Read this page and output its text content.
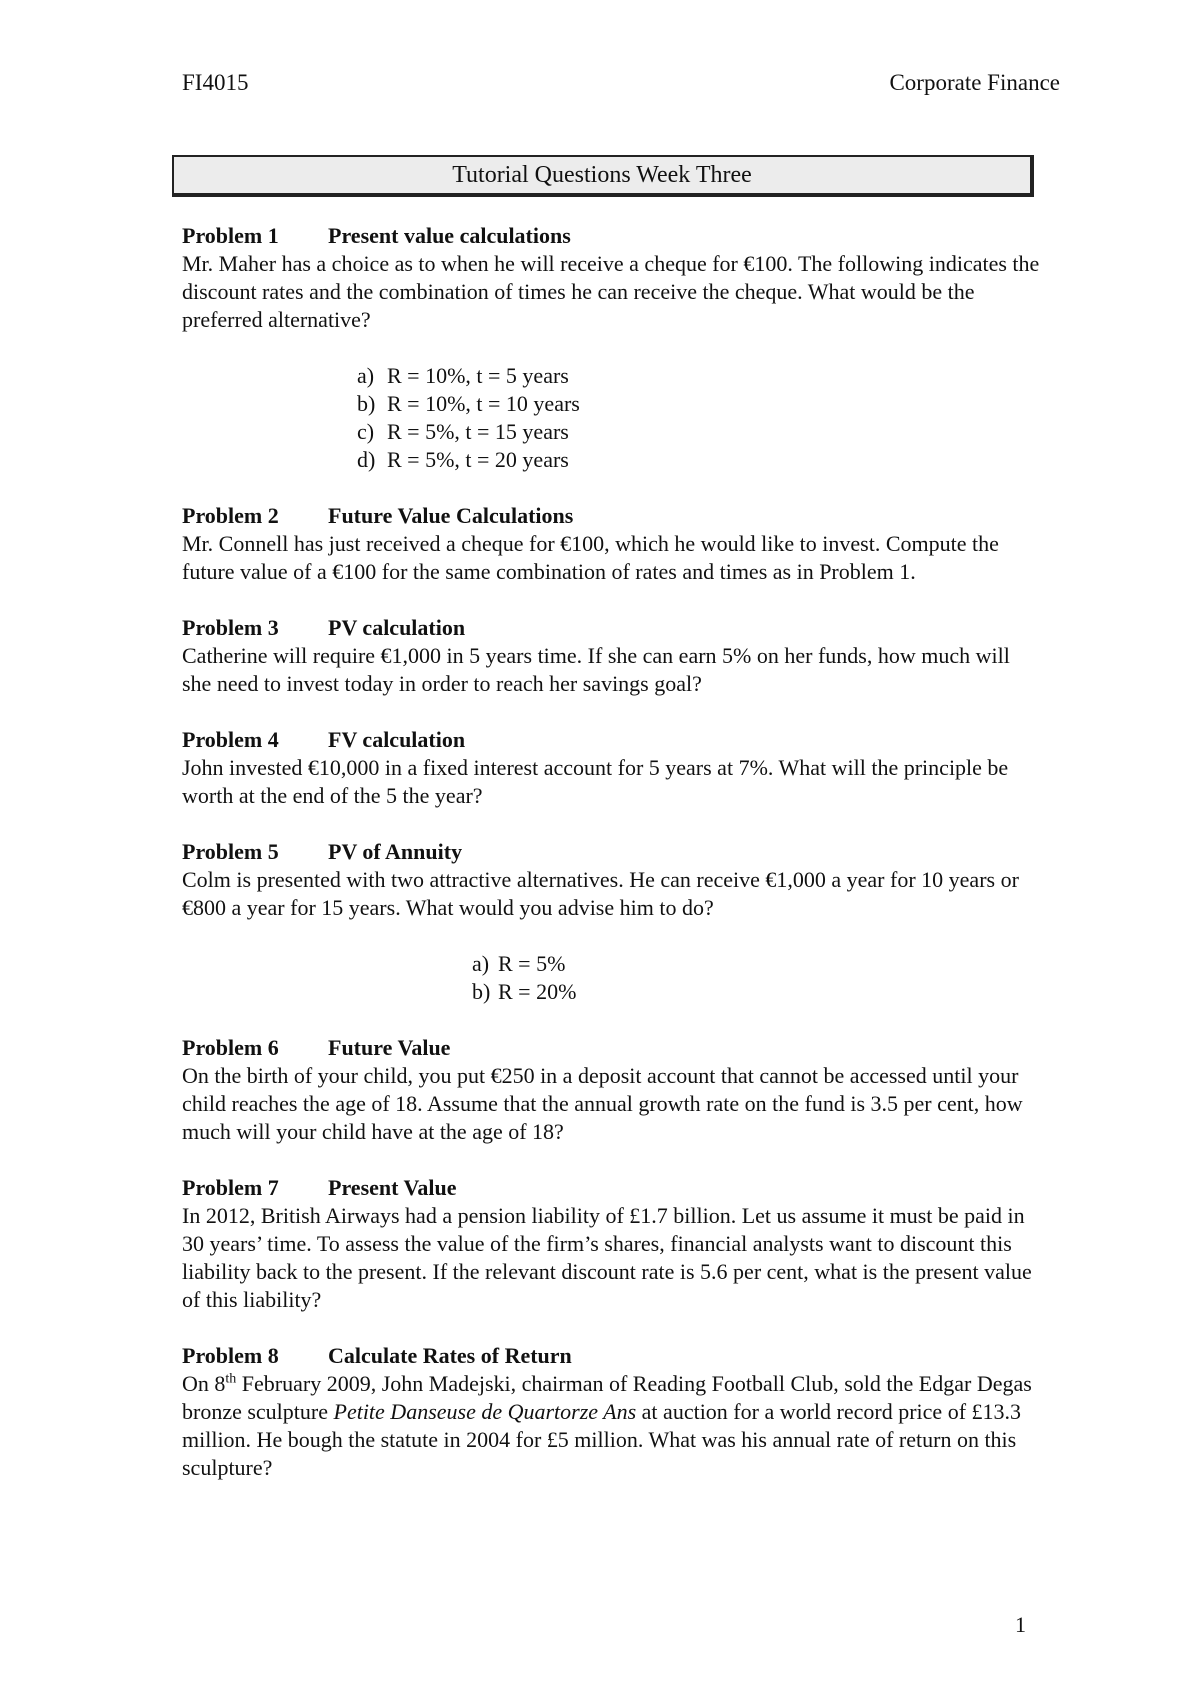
FI4015	Corporate Finance
Tutorial Questions Week Three
Problem 1 Present value calculations

Mr. Maher has a choice as to when he will receive a cheque for €100. The following indicates the discount rates and the combination of times he can receive the cheque. What would be the preferred alternative?

a) R = 10%, t = 5 years
b) R = 10%, t = 10 years
c) R = 5%, t = 15 years
d) R = 5%, t = 20 years
Problem 2 Future Value Calculations

Mr. Connell has just received a cheque for €100, which he would like to invest. Compute the future value of a €100 for the same combination of rates and times as in Problem 1.

Problem 3 PV calculation

Catherine will require €1,000 in 5 years time. If she can earn 5% on her funds, how much will she need to invest today in order to reach her savings goal?

Problem 4 FV calculation

John invested €10,000 in a fixed interest account for 5 years at 7%. What will the principle be worth at the end of the 5 the year?

Problem 5 PV of Annuity

Colm is presented with two attractive alternatives. He can receive €1,000 a year for 10 years or €800 a year for 15 years. What would you advise him to do?

a) R = 5%
b) R = 20%
Problem 6 Future Value

On the birth of your child, you put €250 in a deposit account that cannot be accessed until your child reaches the age of 18. Assume that the annual growth rate on the fund is 3.5 per cent, how much will your child have at the age of 18?

Problem 7 Present Value

In 2012, British Airways had a pension liability of £1.7 billion. Let us assume it must be paid in 30 years’ time. To assess the value of the firm’s shares, financial analysts want to discount this liability back to the present. If the relevant discount rate is 5.6 per cent, what is the present value of this liability?

Problem 8 Calculate Rates of Return

On 8th February 2009, John Madejski, chairman of Reading Football Club, sold the Edgar Degas bronze sculpture Petite Danseuse de Quartorze Ans at auction for a world record price of £13.3 million. He bough the statute in 2004 for £5 million. What was his annual rate of return on this sculpture?

1
